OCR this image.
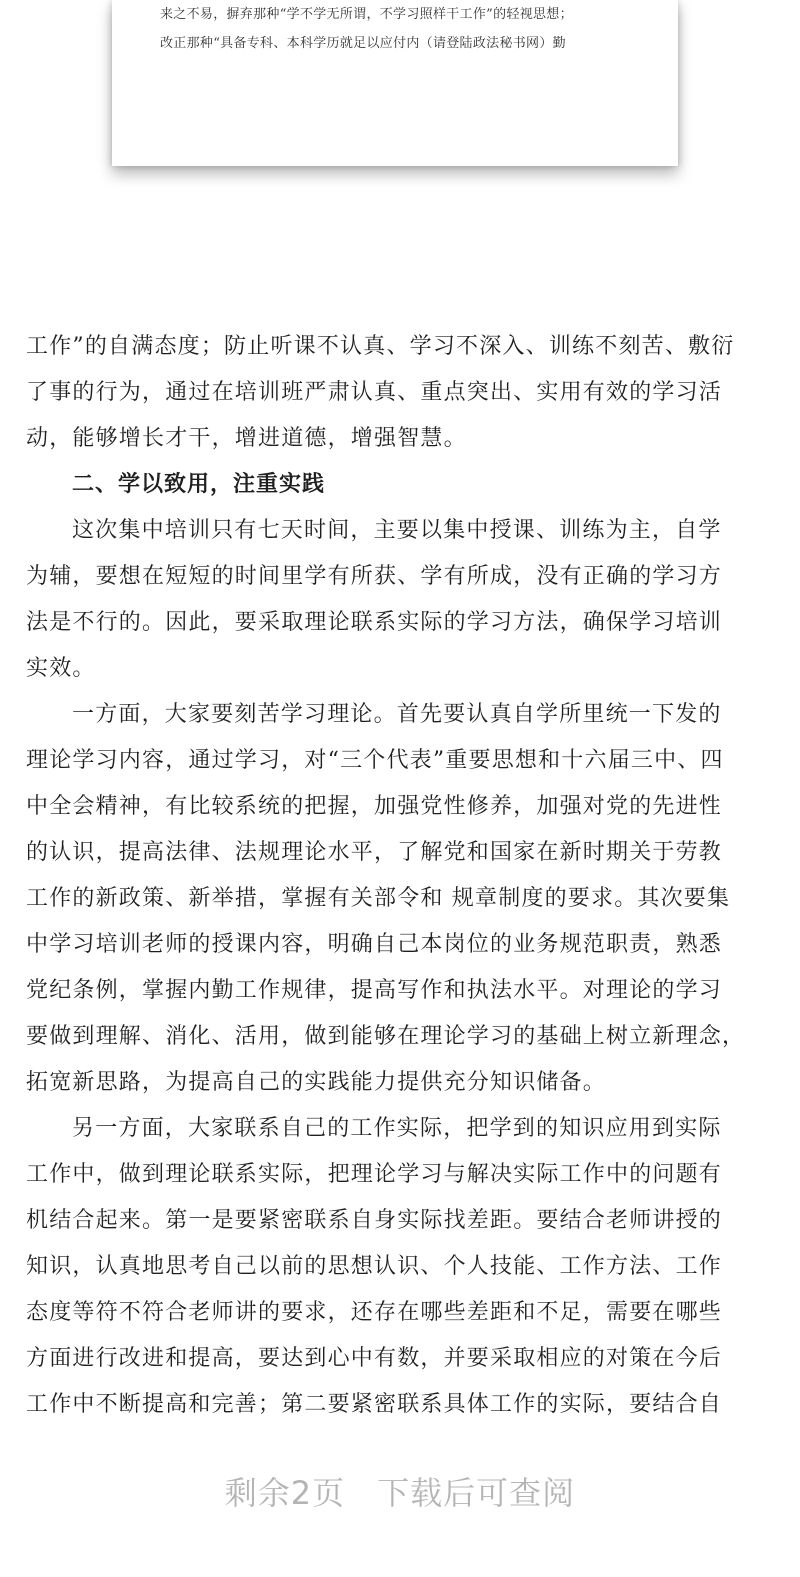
来之不易，摒弃那种“学不学无所谓，不学习照样干工作”的轻视思想；
改正那种“具备专科、本科学历就足以应付内（请登陆政法秘书网）勤
工作”的自满态度；防止听课不认真、学习不深入、训练不刻苦、敷衍
了事的行为，通过在培训班严肃认真、重点突出、实用有效的学习活
动，能够增长才干，增进道德，增强智慧。
二、学以致用，注重实践
这次集中培训只有七天时间，主要以集中授课、训练为主，自学
为辅，要想在短短的时间里学有所获、学有所成，没有正确的学习方
法是不行的。因此，要采取理论联系实际的学习方法，确保学习培训
实效。
一方面，大家要刻苦学习理论。首先要认真自学所里统一下发的
理论学习内容，通过学习，对“三个代表”重要思想和十六届三中、四
中全会精神，有比较系统的把握，加强党性修养，加强对党的先进性
的认识，提高法律、法规理论水平，了解党和国家在新时期关于劳教
工作的新政策、新举措，掌握有关部令和 规章制度的要求。其次要集
中学习培训老师的授课内容，明确自己本岗位的业务规范职责，熟悉
党纪条例，掌握内勤工作规律，提高写作和执法水平。对理论的学习
要做到理解、消化、活用，做到能够在理论学习的基础上树立新理念，
拓宽新思路，为提高自己的实践能力提供充分知识储备。
另一方面，大家联系自己的工作实际，把学到的知识应用到实际
工作中，做到理论联系实际，把理论学习与解决实际工作中的问题有
机结合起来。第一是要紧密联系自身实际找差距。要结合老师讲授的
知识，认真地思考自己以前的思想认识、个人技能、工作方法、工作
态度等符不符合老师讲的要求，还存在哪些差距和不足，需要在哪些
方面进行改进和提高，要达到心中有数，并要采取相应的对策在今后
工作中不断提高和完善；第二要紧密联系具体工作的实际，要结合自
剩余2页 下载后可查阅
